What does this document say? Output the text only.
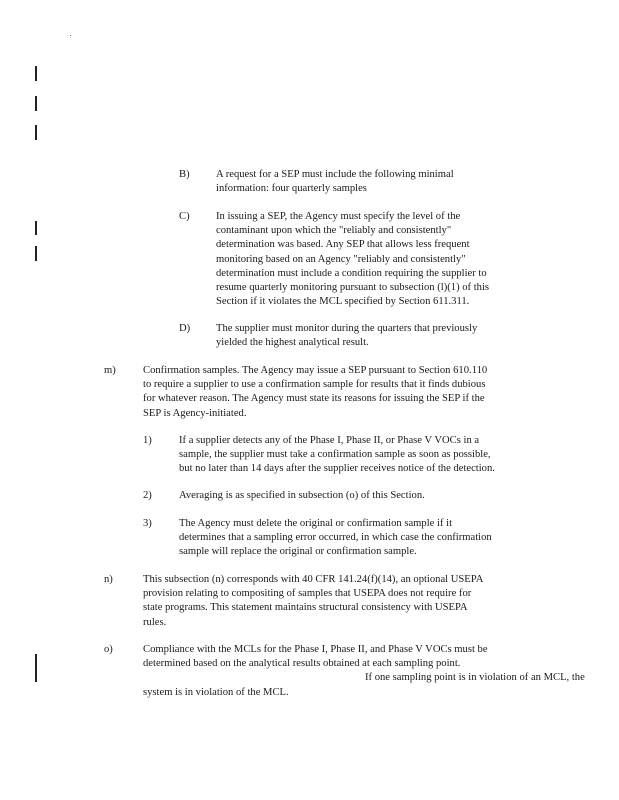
B) A request for a SEP must include the following minimal
information: four quarterly samples

C) In issuing a SEP, the Agency must specify the level of the
contaminant upon which the "reliably and consistently"
determination was based. Any SEP that allows less frequent
monitoring based on an Agency "reliably and consistently"
determination must include a condition requiring the supplier to
resume quarterly monitoring pursuant to subsection (l)(1) of this
Section if it violates the MCL specified by Section 611.311.

D) The supplier must monitor during the quarters that previously
yielded the highest analytical result.

m)	Confirmation samples. The Agency may issue a SEP pursuant to Section 610.110
to require a supplier to use a confirmation sample for results that it finds dubious
for whatever reason. The Agency must state its reasons for issuing the SEP if the
SEP is Agency-initiated.

1)	If a supplier detects any of the Phase I, Phase II, or Phase V VOCs in a
sample, the supplier must take a confirmation sample as soon as possible,
but no later than 14 days after the supplier receives notice of the detection.

2)	Averaging is as specified in subsection (o) of this Section.

3)	The Agency must delete the original or confirmation sample if it
determines that a sampling error occurred, in which case the confirmation
sample will replace the original or confirmation sample.

n)	This subsection (n) corresponds with 40 CFR 141.24(f)(14), an optional USEPA
provision relating to compositing of samples that USEPA does not require for
state programs. This statement maintains structural consistency with USEPA
rules.

o)	Compliance with the MCLs for the Phase I, Phase II, and Phase V VOCs must be
determined based on the analytical results obtained at each sampling point.
If one sampling point is in violation of an MCL, the
system is in violation of the MCL.
